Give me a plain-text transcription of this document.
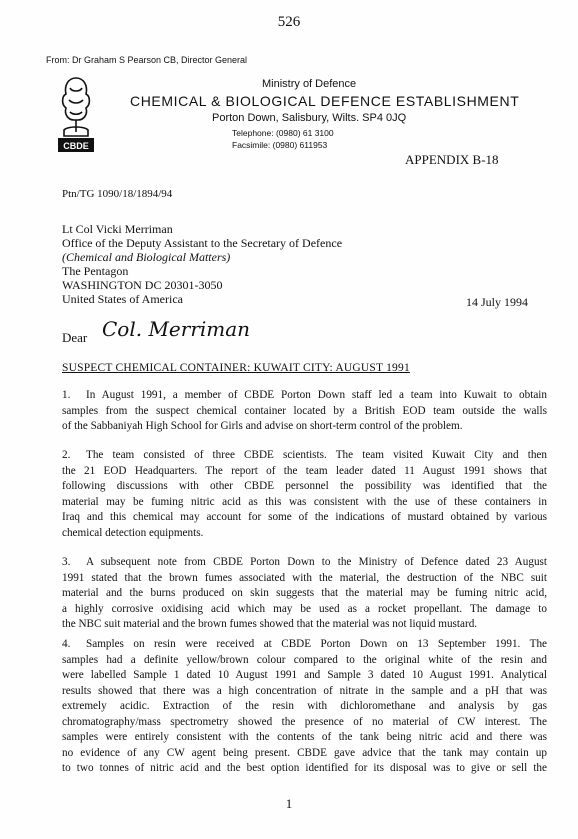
526
From: Dr Graham S Pearson CB, Director General
CBDE
Ministry of Defence
CHEMICAL & BIOLOGICAL DEFENCE ESTABLISHMENT
Porton Down, Salisbury, Wilts. SP4 0JQ
Telephone: (0980) 61 3100
Facsimile: (0980) 611953
APPENDIX B-18
Ptn/TG 1090/18/1894/94
Lt Col Vicki Merriman
Office of the Deputy Assistant to the Secretary of Defence
(Chemical and Biological Matters)
The Pentagon
WASHINGTON DC 20301-3050
United States of America	14 July 1994
Dear Col. Merriman
SUSPECT CHEMICAL CONTAINER: KUWAIT CITY: AUGUST 1991
1. In August 1991, a member of CBDE Porton Down staff led a team into Kuwait to obtain
samples from the suspect chemical container located by a British EOD team outside the walls
of the Sabbaniyah High School for Girls and advise on short-term control of the problem.
2. The team consisted of three CBDE scientists. The team visited Kuwait City and then
the 21 EOD Headquarters. The report of the team leader dated 11 August 1991 shows that
following discussions with other CBDE personnel the possibility was identified that the
material may be fuming nitric acid as this was consistent with the use of these containers in
Iraq and this chemical may account for some of the indications of mustard obtained by various
chemical detection equipments.
3. A subsequent note from CBDE Porton Down to the Ministry of Defence dated 23 August
1991 stated that the brown fumes associated with the material, the destruction of the NBC suit
material and the burns produced on skin suggests that the material may be fuming nitric acid,
a highly corrosive oxidising acid which may be used as a rocket propellant. The damage to
the NBC suit material and the brown fumes showed that the material was not liquid mustard.
4. Samples on resin were received at CBDE Porton Down on 13 September 1991. The
samples had a definite yellow/brown colour compared to the original white of the resin and
were labelled Sample 1 dated 10 August 1991 and Sample 3 dated 10 August 1991. Analytical
results showed that there was a high concentration of nitrate in the sample and a pH that was
extremely acidic. Extraction of the resin with dichloromethane and analysis by gas
chromatography/mass spectrometry showed the presence of no material of CW interest. The
samples were entirely consistent with the contents of the tank being nitric acid and there was
no evidence of any CW agent being present. CBDE gave advice that the tank may contain up
to two tonnes of nitric acid and the best option identified for its disposal was to give or sell the
1
